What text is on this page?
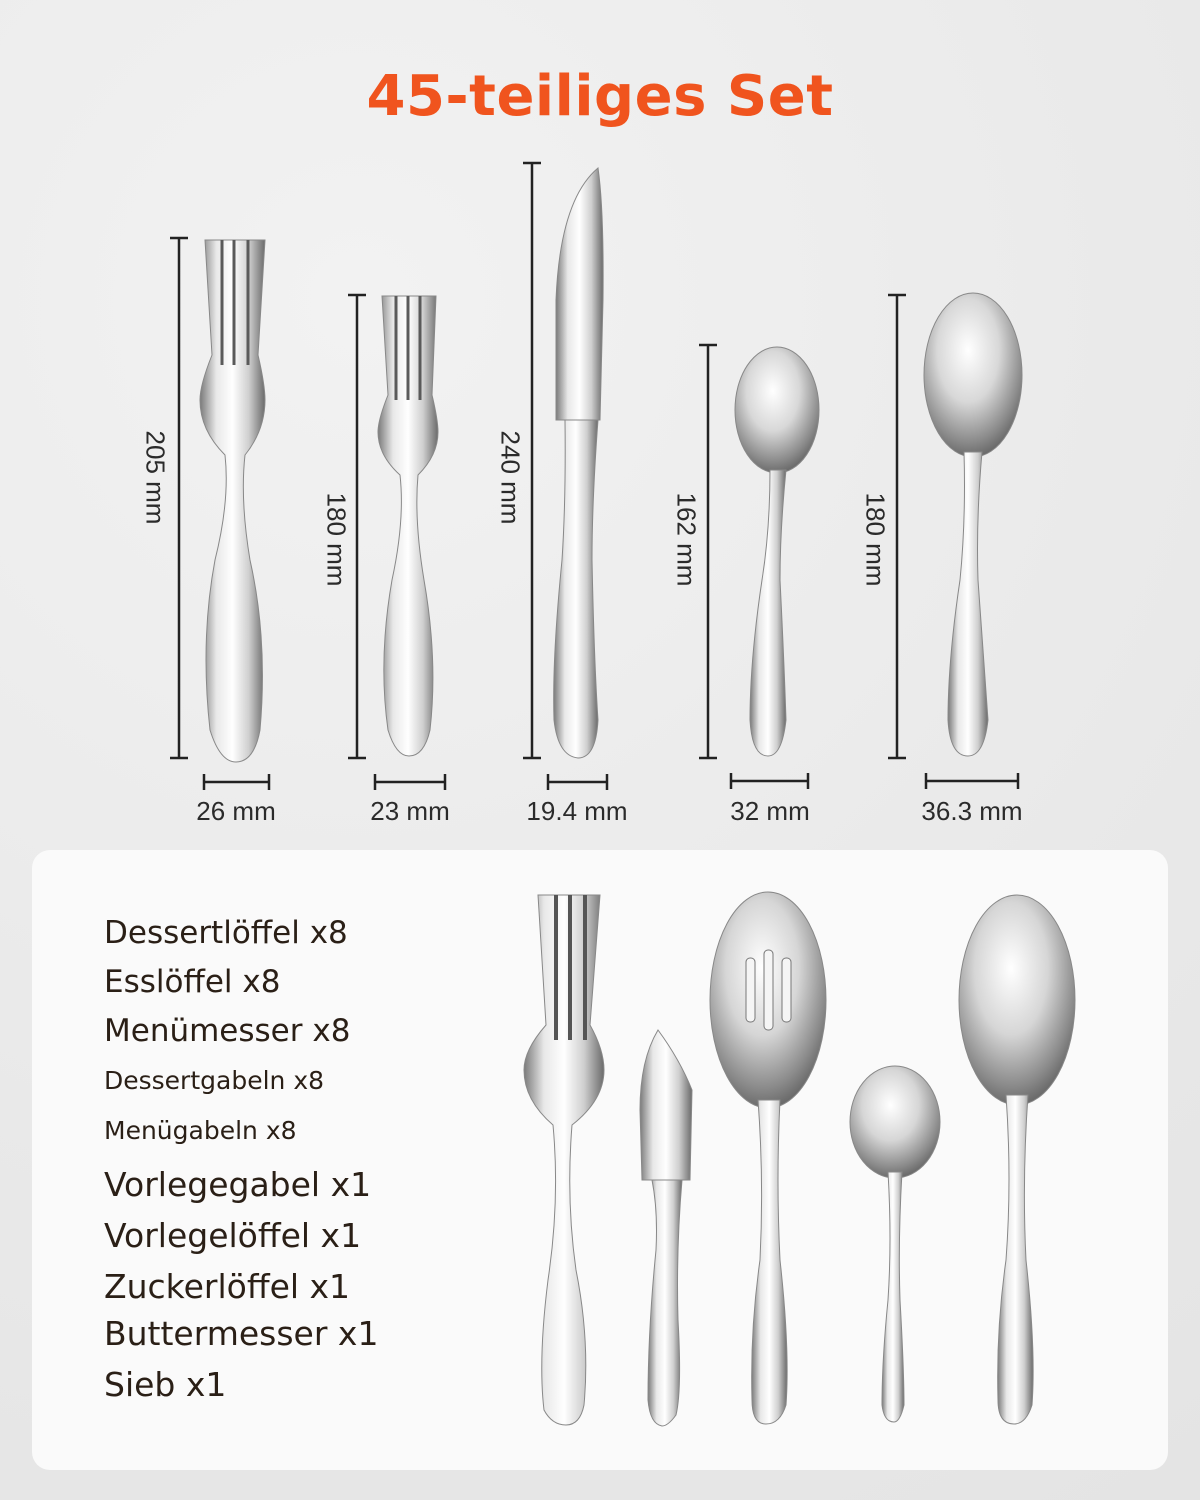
45-teiliges Set
205 mm
180 mm
240 mm
162 mm	180 mm
26 mm	23 mm	19.4 mm	32 mm	36.3 mm
Dessertlöffel x8
Esslöffel x8
Menümesser x8
Dessertgabeln x8
Menügabeln x8
Vorlegegabel x1
Vorlegelöffel x1
Zuckerlöffel x1
Buttermesser x1
Sieb x1
